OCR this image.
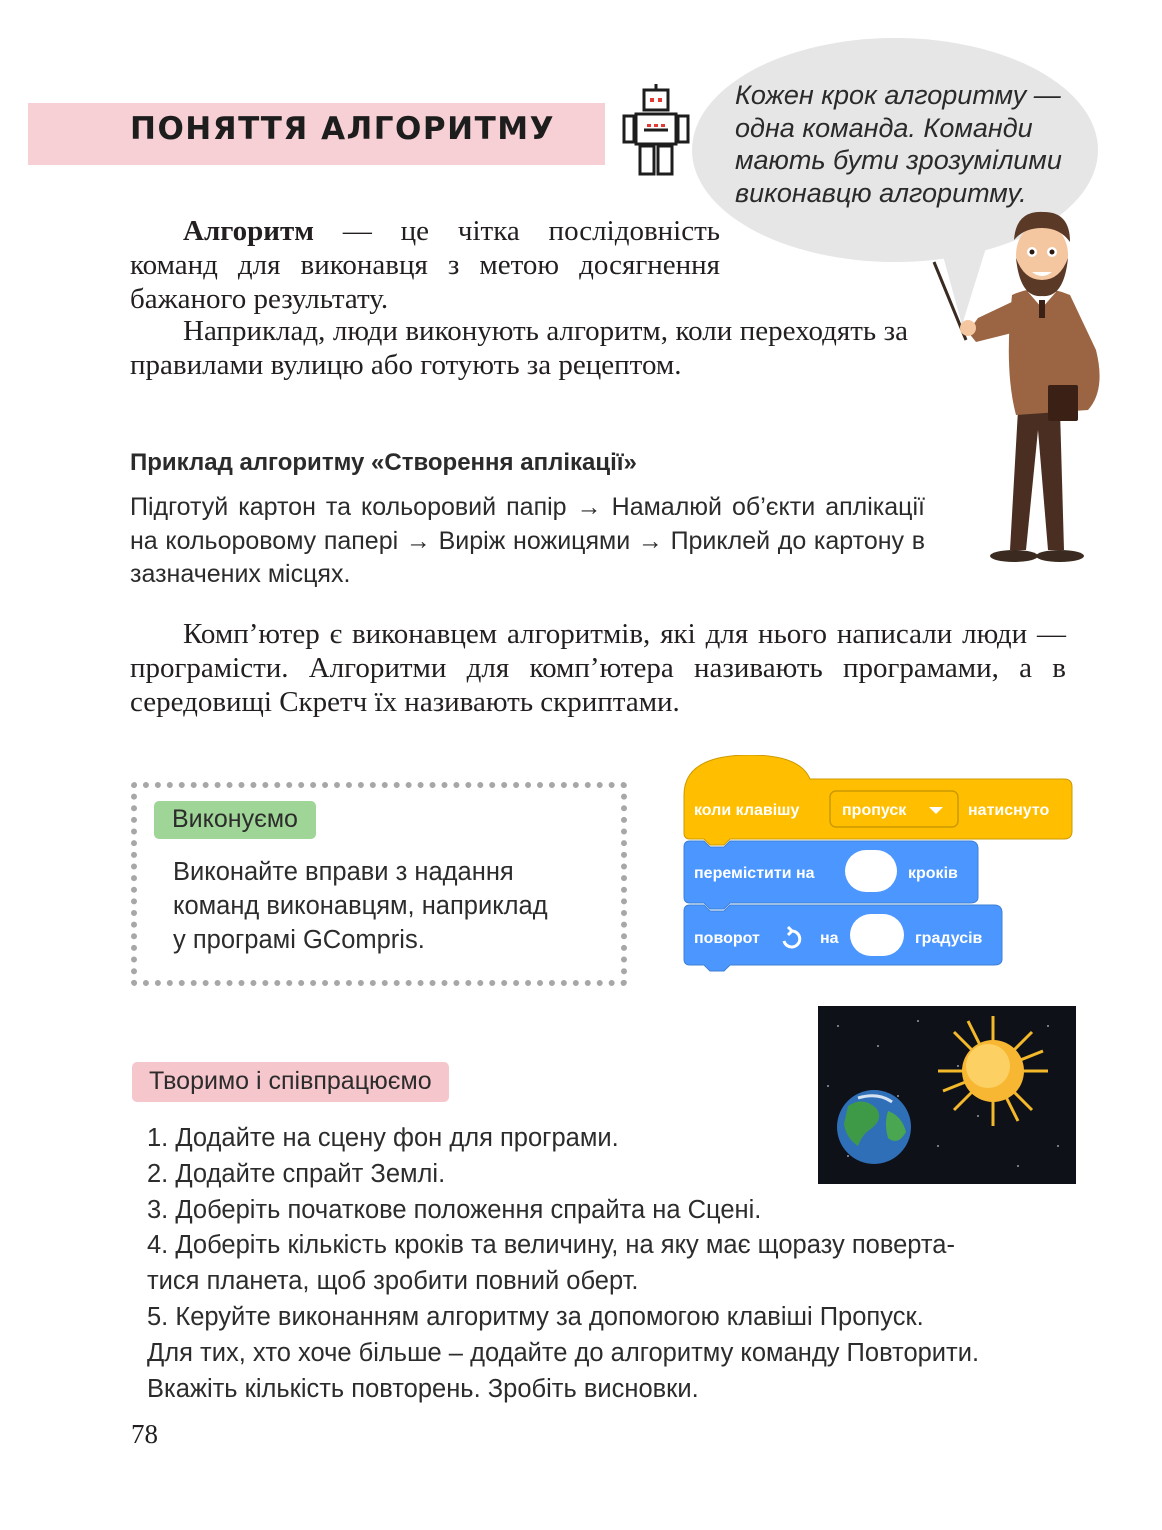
ПОНЯТТЯ АЛГОРИТМУ
Кожен крок алгоритму —
одна команда. Команди
мають бути зрозумілими
виконавцю алгоритму.
Алгоритм — це чітка послідовність команд для виконавця з метою досягнення бажаного результату.
Наприклад, люди виконують алгоритм, коли переходять за правилами вулицю або готують за рецептом.
Приклад алгоритму «Створення аплікації»
Підготуй картон та кольоровий папір → Намалюй об’єкти аплікації на кольоровому папері → Виріж ножицями → Приклей до картону в зазначених місцях.
Комп’ютер є виконавцем алгоритмів, які для нього написали люди — програмісти. Алгоритми для комп’ютера називають програмами, а в середовищі Скретч їх називають скриптами.
Виконуємо
Виконайте вправи з надання
команд виконавцям, наприклад
у програмі GCompris.
коли клавішу	пропуск	натиснуто
перемістити на	кроків
поворот	на	градусів
Творимо і співпрацюємо
1. Додайте на сцену фон для програми.
2. Додайте спрайт Землі.
3. Доберіть початкове положення спрайта на Сцені.
4. Доберіть кількість кроків та величину, на яку має щоразу поверта-
тися планета, щоб зробити повний оберт.
5. Керуйте виконанням алгоритму за допомогою клавіші Пропуск.
Для тих, хто хоче більше – додайте до алгоритму команду Повторити.
Вкажіть кількість повторень. Зробіть висновки.
78
